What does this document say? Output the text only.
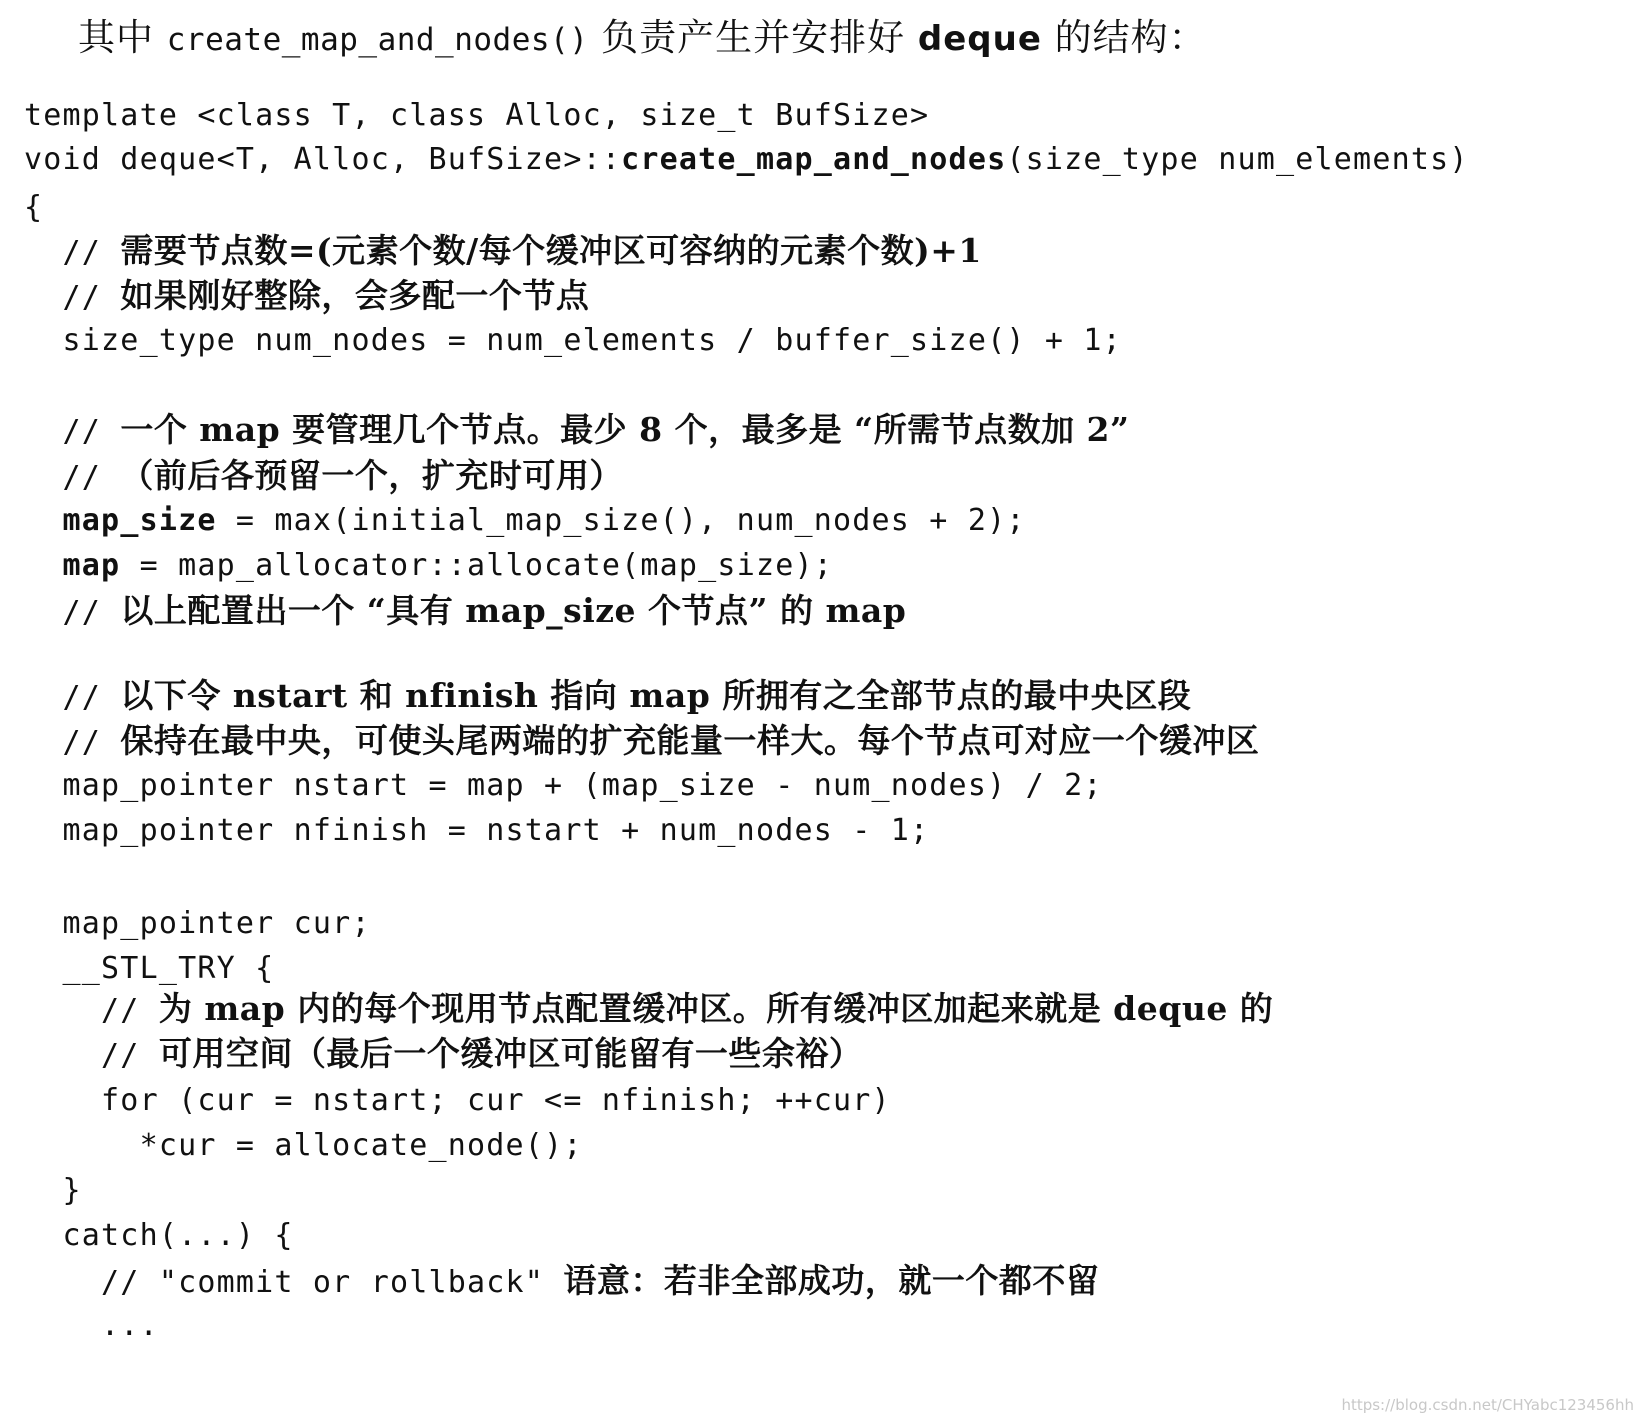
其中 create_map_and_nodes() 负责产生并安排好 deque 的结构：
template <class T, class Alloc, size_t BufSize>
void deque<T, Alloc, BufSize>::create_map_and_nodes(size_type num_elements)
{
// 需要节点数=(元素个数/每个缓冲区可容纳的元素个数)+1
// 如果刚好整除，会多配一个节点
size_type num_nodes = num_elements / buffer_size() + 1;
// 一个 map 要管理几个节点。最少 8 个，最多是 “所需节点数加 2”
// （前后各预留一个，扩充时可用）
map_size = max(initial_map_size(), num_nodes + 2);
map = map_allocator::allocate(map_size);
// 以上配置出一个 “具有 map_size 个节点” 的 map
// 以下令 nstart 和 nfinish 指向 map 所拥有之全部节点的最中央区段
// 保持在最中央，可使头尾两端的扩充能量一样大。每个节点可对应一个缓冲区
map_pointer nstart = map + (map_size - num_nodes) / 2;
map_pointer nfinish = nstart + num_nodes - 1;
map_pointer cur;
__STL_TRY {
// 为 map 内的每个现用节点配置缓冲区。所有缓冲区加起来就是 deque 的
// 可用空间（最后一个缓冲区可能留有一些余裕）
for (cur = nstart; cur <= nfinish; ++cur)
*cur = allocate_node();
}
catch(...) {
// "commit or rollback" 语意：若非全部成功，就一个都不留
...
https://blog.csdn.net/CHYabc123456hh
